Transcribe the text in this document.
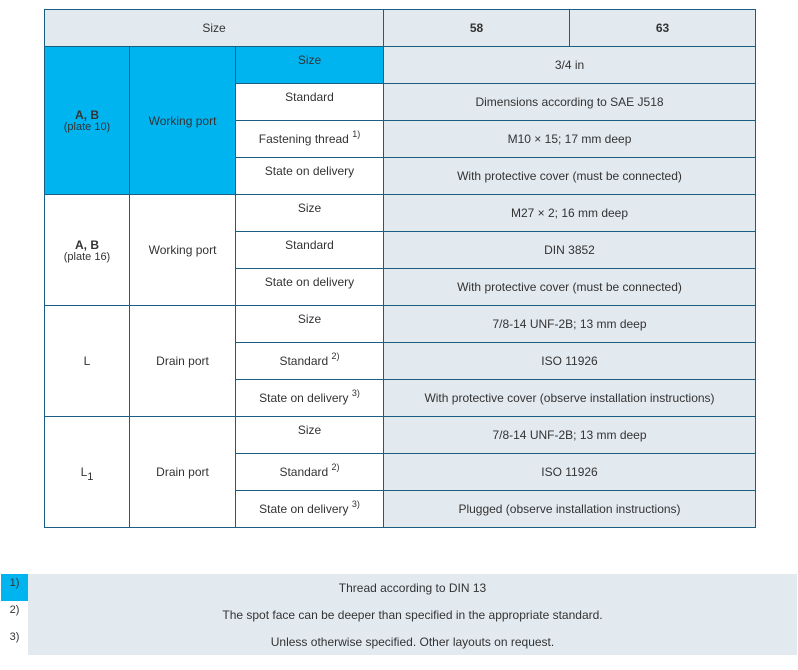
Size			58	63

A, B
(plate 10)	Working port	Size	3/4 in	
		Standard	Dimensions according to SAE J518	
		Fastening thread $^{1)}$	M10 × 15; 17 mm deep	
		State on delivery	With protective cover (must be connected)	

A, B
(plate 16)	Working port	Size	M27 × 2; 16 mm deep	
		Standard	DIN 3852	
		State on delivery	With protective cover (must be connected)	
L	Drain port	Size	7/8-14 UNF-2B; 13 mm deep	
		Standard $^{2)}$	ISO 11926	
		State on delivery $^{3)}$	With protective cover (observe installation instructions)	
$L_1$	Drain port	Size	7/8-14 UNF-2B; 13 mm deep	
		Standard $^{2)}$	ISO 11926	
		State on delivery $^{3)}$	Plugged (observe installation instructions)	
1)	Thread according to DIN 13
2)	The spot face can be deeper than specified in the appropriate standard.
3)	Unless otherwise specified. Other layouts on request.
